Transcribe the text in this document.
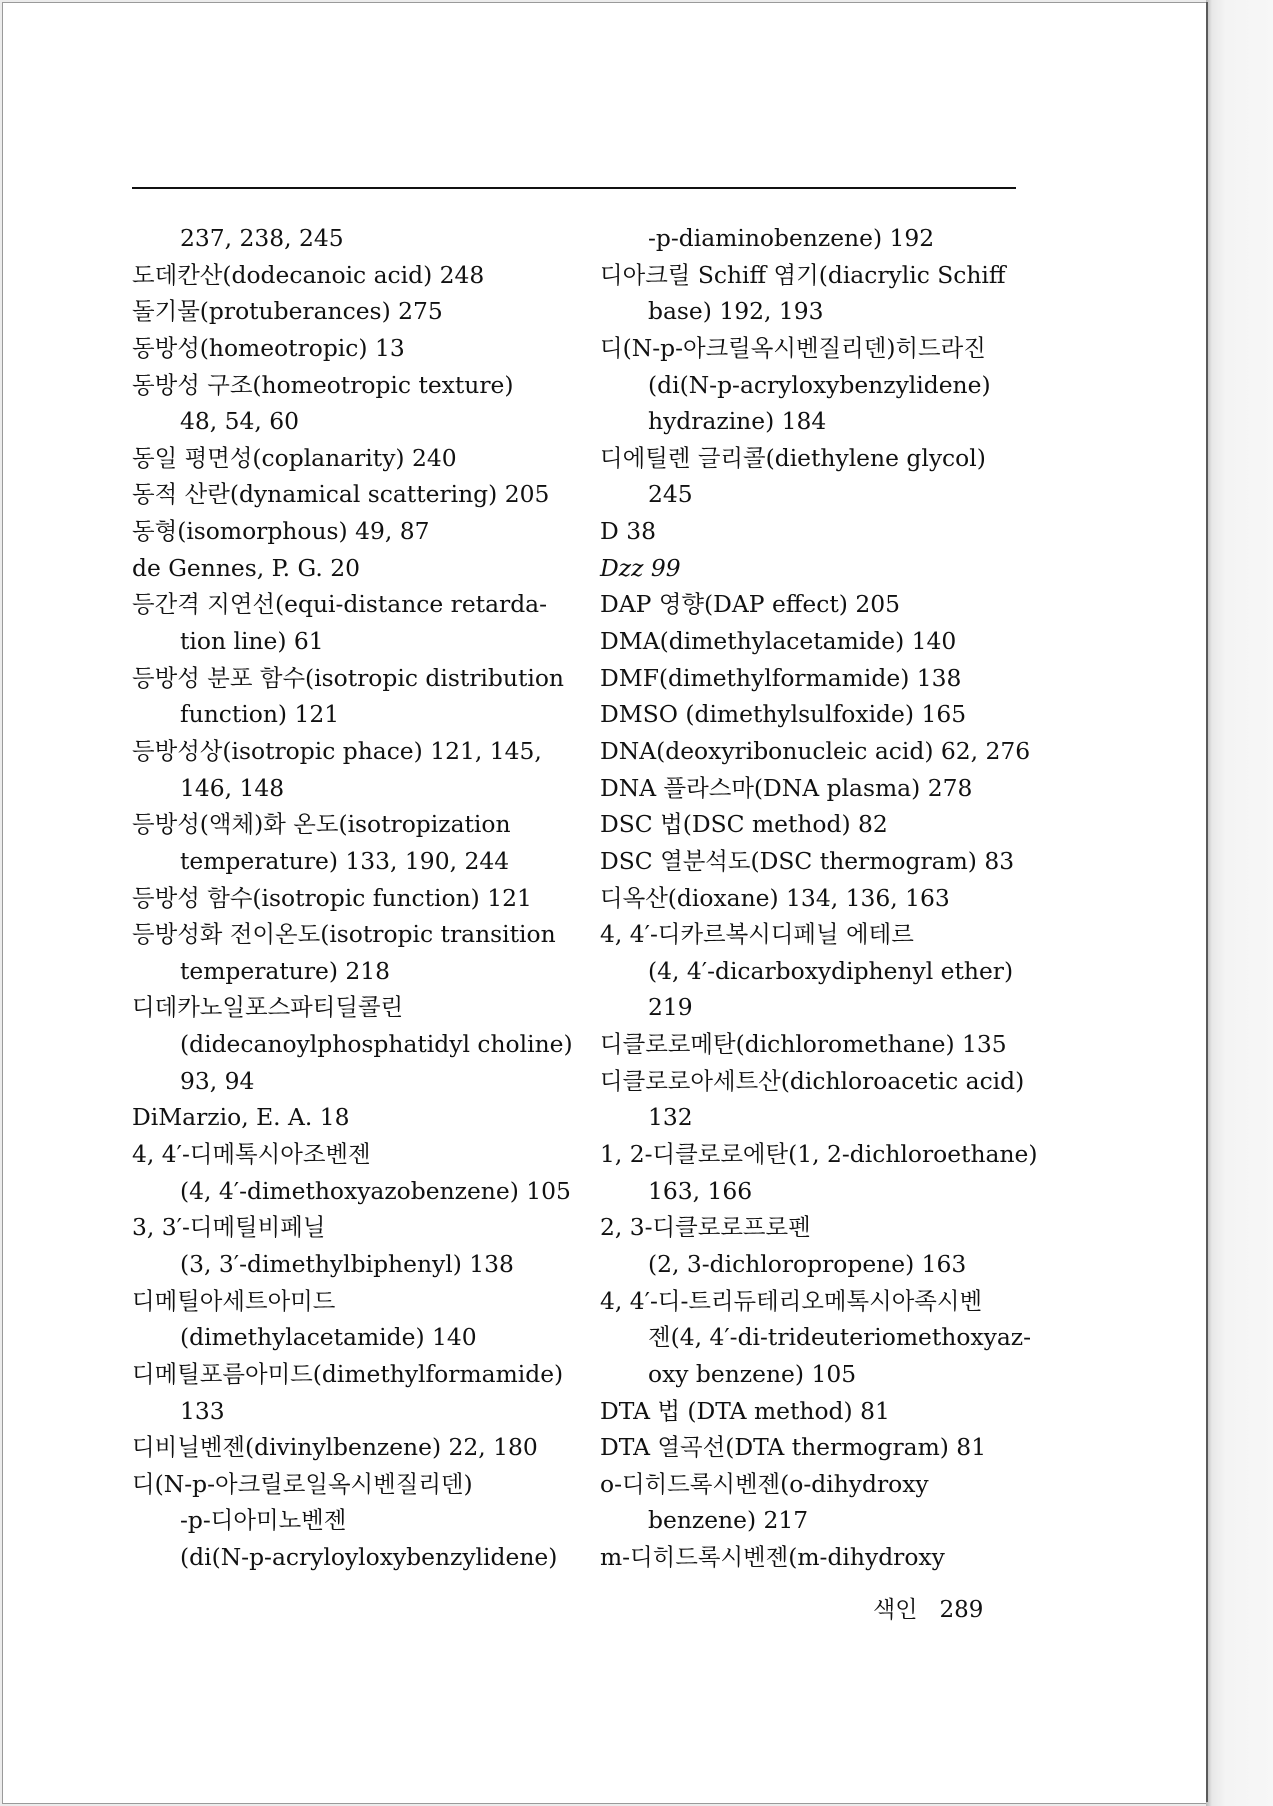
237, 238, 245
도데칸산(dodecanoic acid) 248
돌기물(protuberances) 275
동방성(homeotropic) 13
동방성 구조(homeotropic texture)
48, 54, 60
동일 평면성(coplanarity) 240
동적 산란(dynamical scattering) 205
동형(isomorphous) 49, 87
de Gennes, P. G. 20
등간격 지연선(equi-distance retarda-
tion line) 61
등방성 분포 함수(isotropic distribution
function) 121
등방성상(isotropic phace) 121, 145,
146, 148
등방성(액체)화 온도(isotropization
temperature) 133, 190, 244
등방성 함수(isotropic function) 121
등방성화 전이온도(isotropic transition
temperature) 218
디데카노일포스파티딜콜린
(didecanoylphosphatidyl choline)
93, 94
DiMarzio, E. A. 18
4, 4′-디메톡시아조벤젠
(4, 4′-dimethoxyazobenzene) 105
3, 3′-디메틸비페닐
(3, 3′-dimethylbiphenyl) 138
디메틸아세트아미드
(dimethylacetamide) 140
디메틸포름아미드(dimethylformamide)
133
디비닐벤젠(divinylbenzene) 22, 180
디(N-p-아크릴로일옥시벤질리덴)
-p-디아미노벤젠
(di(N-p-acryloyloxybenzylidene)
-p-diaminobenzene) 192
디아크릴 Schiff 염기(diacrylic Schiff
base) 192, 193
디(N-p-아크릴옥시벤질리덴)히드라진
(di(N-p-acryloxybenzylidene)
hydrazine) 184
디에틸렌 글리콜(diethylene glycol)
245
D 38
Dzz 99
DAP 영향(DAP effect) 205
DMA(dimethylacetamide) 140
DMF(dimethylformamide) 138
DMSO (dimethylsulfoxide) 165
DNA(deoxyribonucleic acid) 62, 276
DNA 플라스마(DNA plasma) 278
DSC 법(DSC method) 82
DSC 열분석도(DSC thermogram) 83
디옥산(dioxane) 134, 136, 163
4, 4′-디카르복시디페닐 에테르
(4, 4′-dicarboxydiphenyl ether)
219
디클로로메탄(dichloromethane) 135
디클로로아세트산(dichloroacetic acid)
132
1, 2-디클로로에탄(1, 2-dichloroethane)
163, 166
2, 3-디클로로프로펜
(2, 3-dichloropropene) 163
4, 4′-디-트리듀테리오메톡시아족시벤
젠(4, 4′-di-trideuteriomethoxyaz-
oxy benzene) 105
DTA 법 (DTA method) 81
DTA 열곡선(DTA thermogram) 81
o-디히드록시벤젠(o-dihydroxy
benzene) 217
m-디히드록시벤젠(m-dihydroxy
색인 289
